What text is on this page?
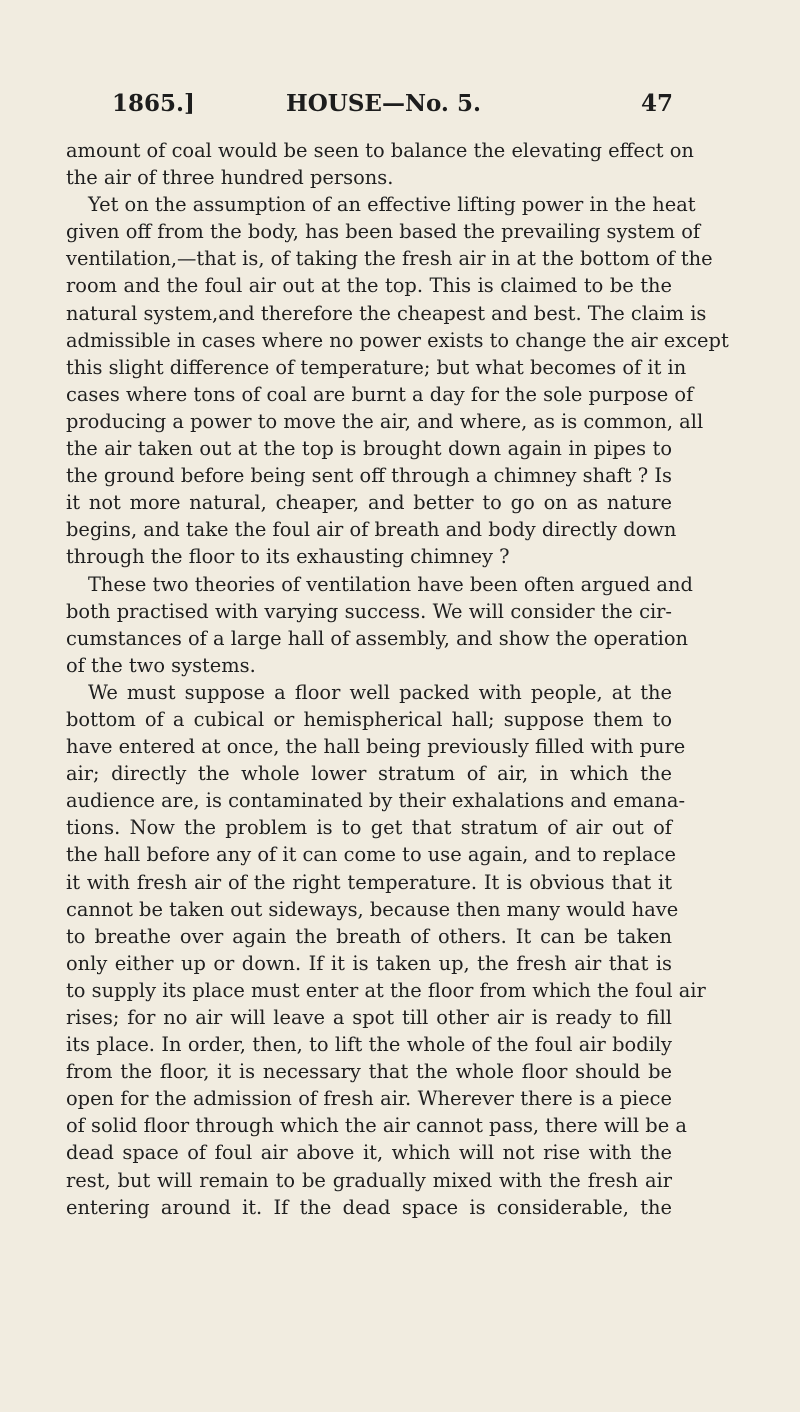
1865.]	HOUSE—No. 5.	47
amount of coal would be seen to balance the elevating effect on
the air of three hundred persons.
Yet on the assumption of an effective lifting power in the heat
given off from the body, has been based the prevailing system of
ventilation,—that is, of taking the fresh air in at the bottom of the
room and the foul air out at the top. This is claimed to be the
natural system,and therefore the cheapest and best. The claim is
admissible in cases where no power exists to change the air except
this slight difference of temperature; but what becomes of it in
cases where tons of coal are burnt a day for the sole purpose of
producing a power to move the air, and where, as is common, all
the air taken out at the top is brought down again in pipes to
the ground before being sent off through a chimney shaft ? Is
it not more natural, cheaper, and better to go on as nature
begins, and take the foul air of breath and body directly down
through the floor to its exhausting chimney ?
These two theories of ventilation have been often argued and
both practised with varying success. We will consider the cir-
cumstances of a large hall of assembly, and show the operation
of the two systems.
We must suppose a floor well packed with people, at the
bottom of a cubical or hemispherical hall; suppose them to
have entered at once, the hall being previously filled with pure
air; directly the whole lower stratum of air, in which the
audience are, is contaminated by their exhalations and emana-
tions. Now the problem is to get that stratum of air out of
the hall before any of it can come to use again, and to replace
it with fresh air of the right temperature. It is obvious that it
cannot be taken out sideways, because then many would have
to breathe over again the breath of others. It can be taken
only either up or down. If it is taken up, the fresh air that is
to supply its place must enter at the floor from which the foul air
rises; for no air will leave a spot till other air is ready to fill
its place. In order, then, to lift the whole of the foul air bodily
from the floor, it is necessary that the whole floor should be
open for the admission of fresh air. Wherever there is a piece
of solid floor through which the air cannot pass, there will be a
dead space of foul air above it, which will not rise with the
rest, but will remain to be gradually mixed with the fresh air
entering around it. If the dead space is considerable, the
